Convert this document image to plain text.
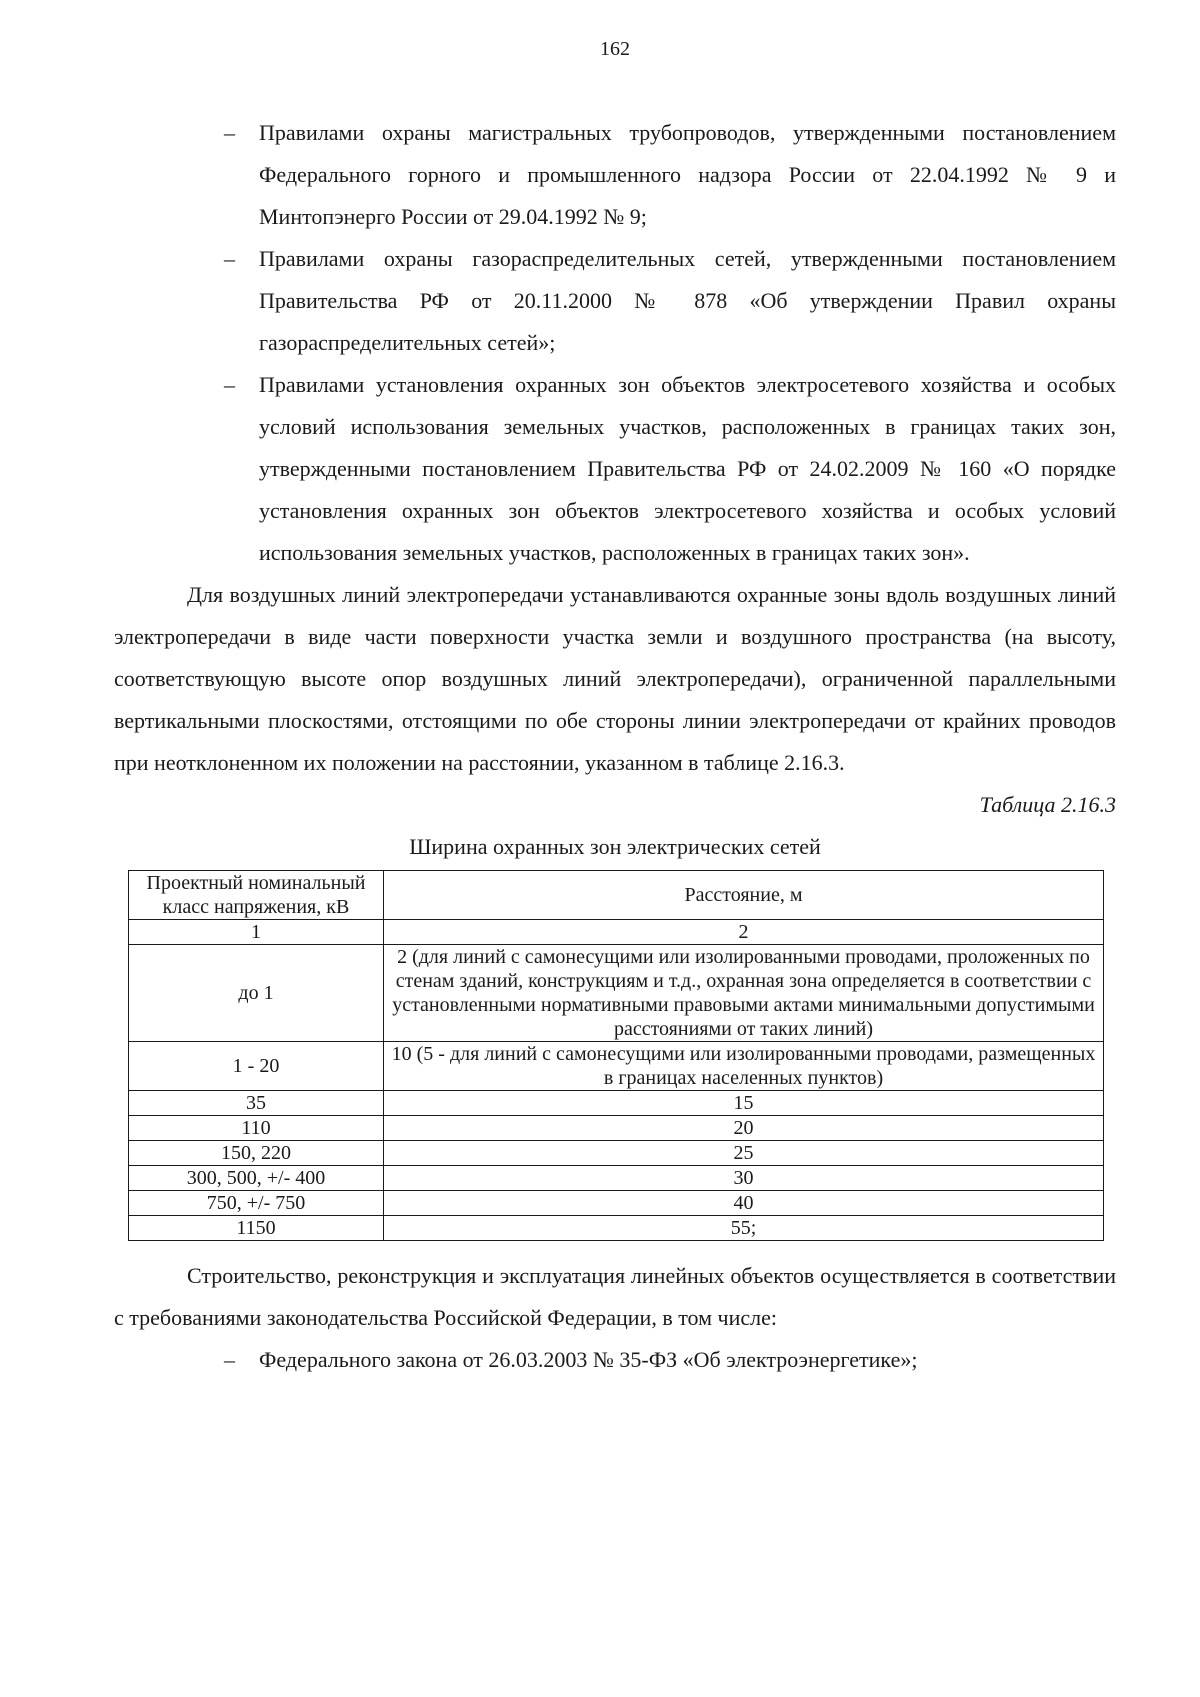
162
– Правилами охраны магистральных трубопроводов, утвержденными постановлением Федерального горного и промышленного надзора России от 22.04.1992 № 9 и Минтопэнерго России от 29.04.1992 № 9;
– Правилами охраны газораспределительных сетей, утвержденными постановлением Правительства РФ от 20.11.2000 № 878 «Об утверждении Правил охраны газораспределительных сетей»;
– Правилами установления охранных зон объектов электросетевого хозяйства и особых условий использования земельных участков, расположенных в границах таких зон, утвержденными постановлением Правительства РФ от 24.02.2009 № 160 «О порядке установления охранных зон объектов электросетевого хозяйства и особых условий использования земельных участков, расположенных в границах таких зон».

Для воздушных линий электропередачи устанавливаются охранные зоны вдоль воздушных линий электропередачи в виде части поверхности участка земли и воздушного пространства (на высоту, соответствующую высоте опор воздушных линий электропередачи), ограниченной параллельными вертикальными плоскостями, отстоящими по обе стороны линии электропередачи от крайних проводов при неотклоненном их положении на расстоянии, указанном в таблице 2.16.3.

Таблица 2.16.3

Ширина охранных зон электрических сетей

Проектный номинальный класс напряжения, кВ	Расстояние, м
1	2
до 1	2 (для линий с самонесущими или изолированными проводами, проложенных по стенам зданий, конструкциям и т.д., охранная зона определяется в соответствии с установленными нормативными правовыми актами минимальными допустимыми расстояниями от таких линий)
1 - 20	10 (5 - для линий с самонесущими или изолированными проводами, размещенных в границах населенных пунктов)
35	15
110	20
150, 220	25
300, 500, +/- 400	30
750, +/- 750	40
1150	55;

Строительство, реконструкция и эксплуатация линейных объектов осуществляется в соответствии с требованиями законодательства Российской Федерации, в том числе:

– Федерального закона от 26.03.2003 № 35-ФЗ «Об электроэнергетике»;
